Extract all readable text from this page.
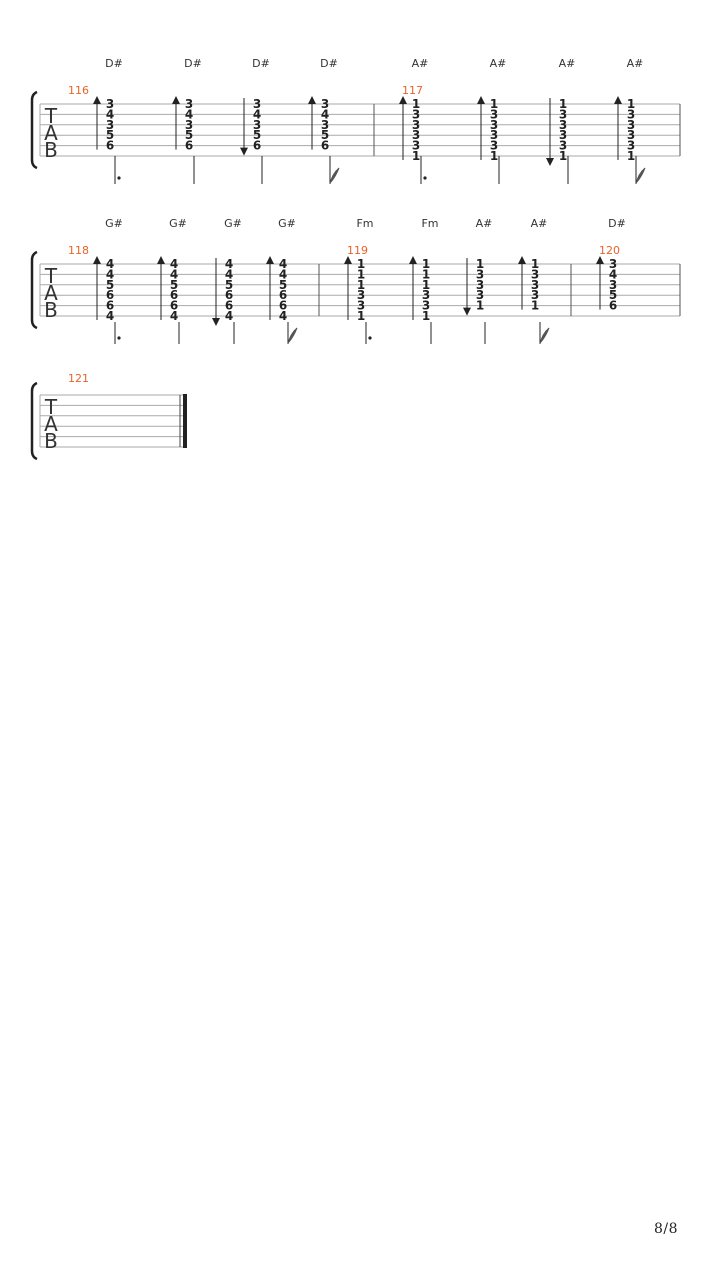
T
A
B
116
D#
3
4
3
5
6
D#
3
4
3
5
6
D#
3
4
3
5
6
D#
3
4
3
5
6
117
A#
1
3
3
3
3
1
A#
1
3
3
3
3
1
A#
1
3
3
3
3
1
A#
1
3
3
3
3
1
T
A
B
118
G#
4
4
5
6
6
4
G#
4
4
5
6
6
4
G#
4
4
5
6
6
4
G#
4
4
5
6
6
4
119
Fm
1
1
1
3
3
1
Fm
1
1
1
3
3
1
A#
1
3
3
3
1
A#
1
3
3
3
1
120
D#
3
4
3
5
6
T
A
B
121
8/8
